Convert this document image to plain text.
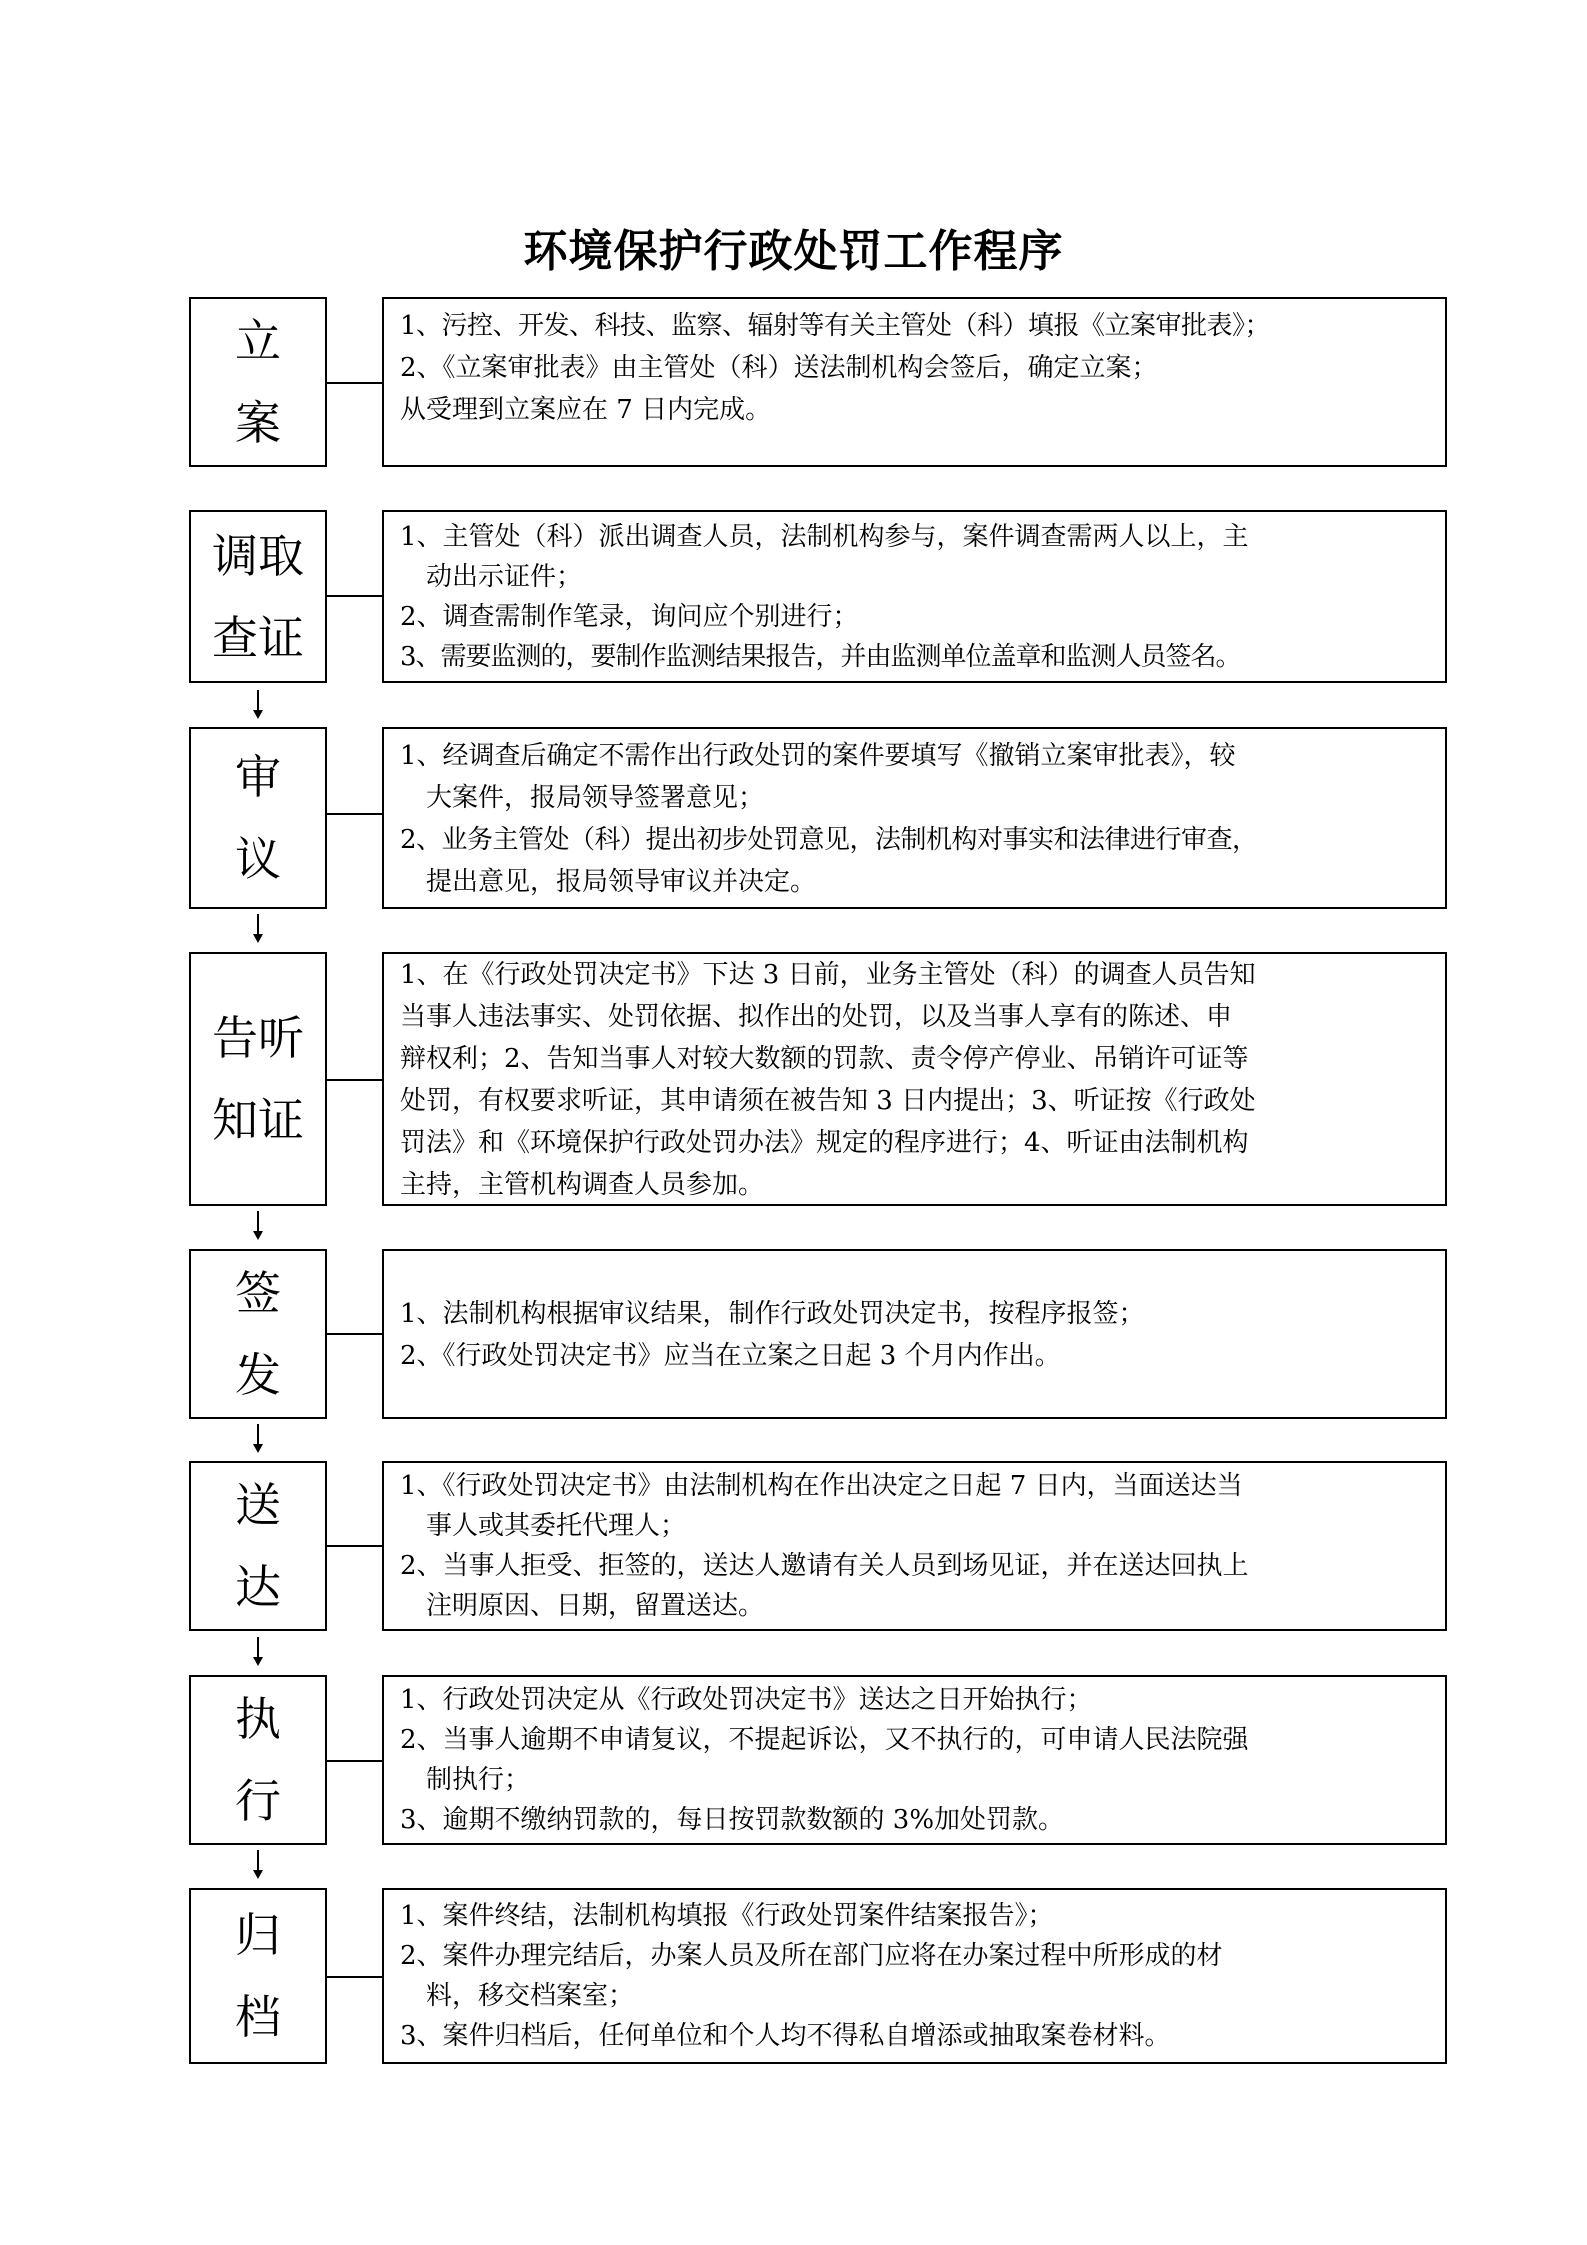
环境保护行政处罚工作程序
立
案
1、污控、开发、科技、监察、辐射等有关主管处（科）填报《立案审批表》；
2、《立案审批表》由主管处（科）送法制机构会签后，确定立案；
从受理到立案应在 7 日内完成。
调取
查证
1、主管处（科）派出调查人员，法制机构参与，案件调查需两人以上，主
　动出示证件；
2、调查需制作笔录，询问应个别进行；
3、需要监测的，要制作监测结果报告，并由监测单位盖章和监测人员签名。
审
议
1、经调查后确定不需作出行政处罚的案件要填写《撤销立案审批表》，较
　大案件，报局领导签署意见；
2、业务主管处（科）提出初步处罚意见，法制机构对事实和法律进行审查，
　提出意见，报局领导审议并决定。
告听
知证
1、在《行政处罚决定书》下达 3 日前，业务主管处（科）的调查人员告知
当事人违法事实、处罚依据、拟作出的处罚，以及当事人享有的陈述、申
辩权利；2、告知当事人对较大数额的罚款、责令停产停业、吊销许可证等
处罚，有权要求听证，其申请须在被告知 3 日内提出；3、听证按《行政处
罚法》和《环境保护行政处罚办法》规定的程序进行；4、听证由法制机构
主持，主管机构调查人员参加。
签
发
1、法制机构根据审议结果，制作行政处罚决定书，按程序报签；
2、《行政处罚决定书》应当在立案之日起 3 个月内作出。
送
达
1、《行政处罚决定书》由法制机构在作出决定之日起 7 日内，当面送达当
　事人或其委托代理人；
2、当事人拒受、拒签的，送达人邀请有关人员到场见证，并在送达回执上
　注明原因、日期，留置送达。
执
行
1、行政处罚决定从《行政处罚决定书》送达之日开始执行；
2、当事人逾期不申请复议，不提起诉讼，又不执行的，可申请人民法院强
　制执行；
3、逾期不缴纳罚款的，每日按罚款数额的 3%加处罚款。
归
档
1、案件终结，法制机构填报《行政处罚案件结案报告》；
2、案件办理完结后，办案人员及所在部门应将在办案过程中所形成的材
　料，移交档案室；
3、案件归档后，任何单位和个人均不得私自增添或抽取案卷材料。
